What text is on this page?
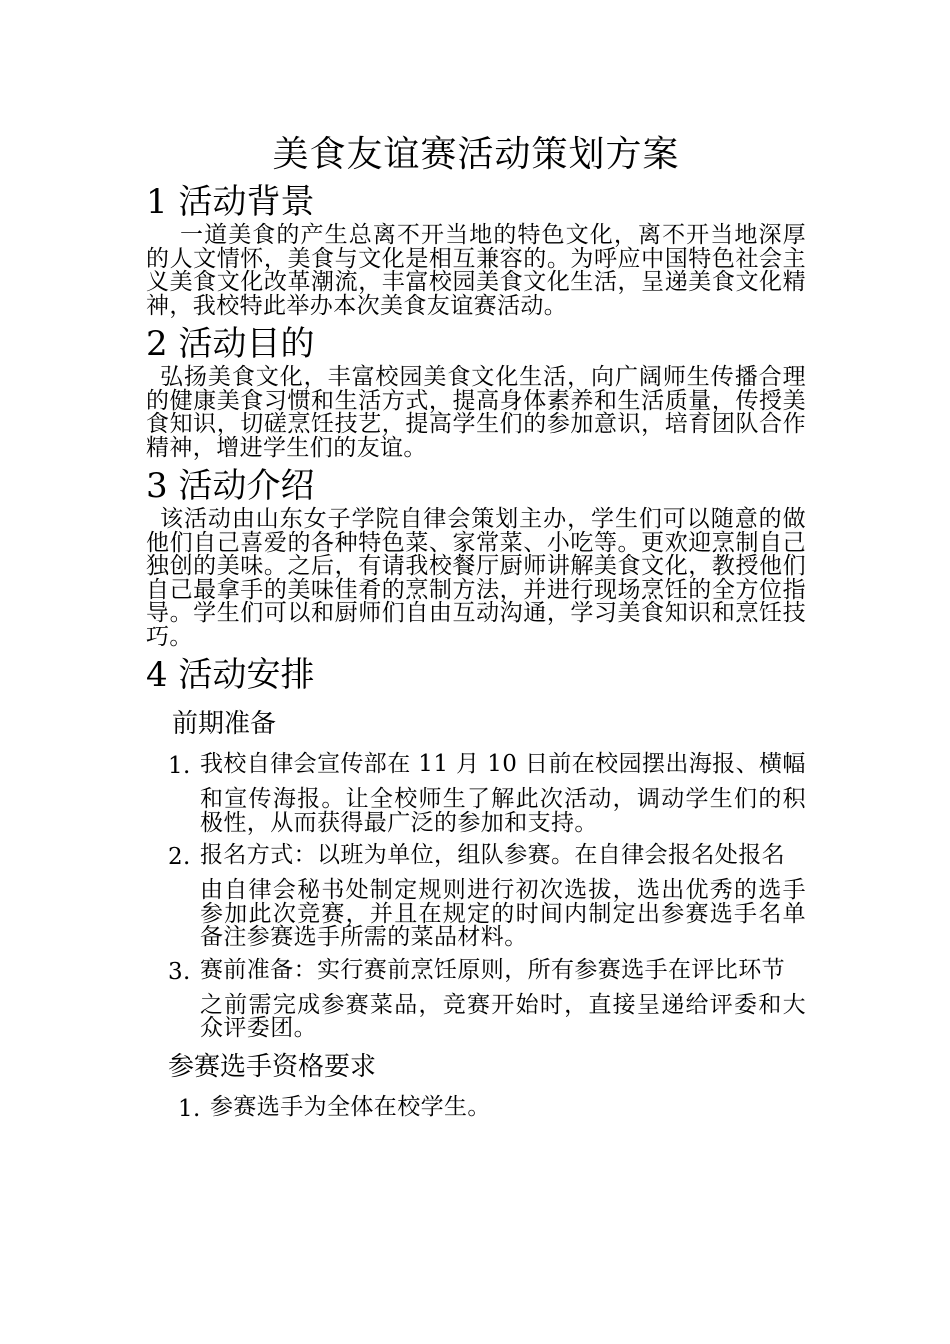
美食友谊赛活动策划方案
1 活动背景

一道美食的产生总离不开当地的特色文化，离不开当地深厚的人文情怀，美食与文化是相互兼容的。为呼应中国特色社会主义美食文化改革潮流，丰富校园美食文化生活，呈递美食文化精神，我校特此举办本次美食友谊赛活动。

2 活动目的

弘扬美食文化，丰富校园美食文化生活，向广阔师生传播合理的健康美食习惯和生活方式，提高身体素养和生活质量，传授美食知识，切磋烹饪技艺，提高学生们的参加意识，培育团队合作精神，增进学生们的友谊。

3 活动介绍

该活动由山东女子学院自律会策划主办，学生们可以随意的做他们自己喜爱的各种特色菜、家常菜、小吃等。更欢迎烹制自己独创的美味。之后，有请我校餐厅厨师讲解美食文化，教授他们自己最拿手的美味佳肴的烹制方法，并进行现场烹饪的全方位指导。学生们可以和厨师们自由互动沟通，学习美食知识和烹饪技巧。

4 活动安排
前期准备
1. 我校自律会宣传部在 11 月 10 日前在校园摆出海报、横幅
和宣传海报。让全校师生了解此次活动，调动学生们的积极性，从而获得最广泛的参加和支持。
2. 报名方式：以班为单位，组队参赛。在自律会报名处报名
由自律会秘书处制定规则进行初次选拔，选出优秀的选手参加此次竞赛，并且在规定的时间内制定出参赛选手名单备注参赛选手所需的菜品材料。
3. 赛前准备：实行赛前烹饪原则，所有参赛选手在评比环节
之前需完成参赛菜品，竞赛开始时，直接呈递给评委和大众评委团。
参赛选手资格要求
1. 参赛选手为全体在校学生。
